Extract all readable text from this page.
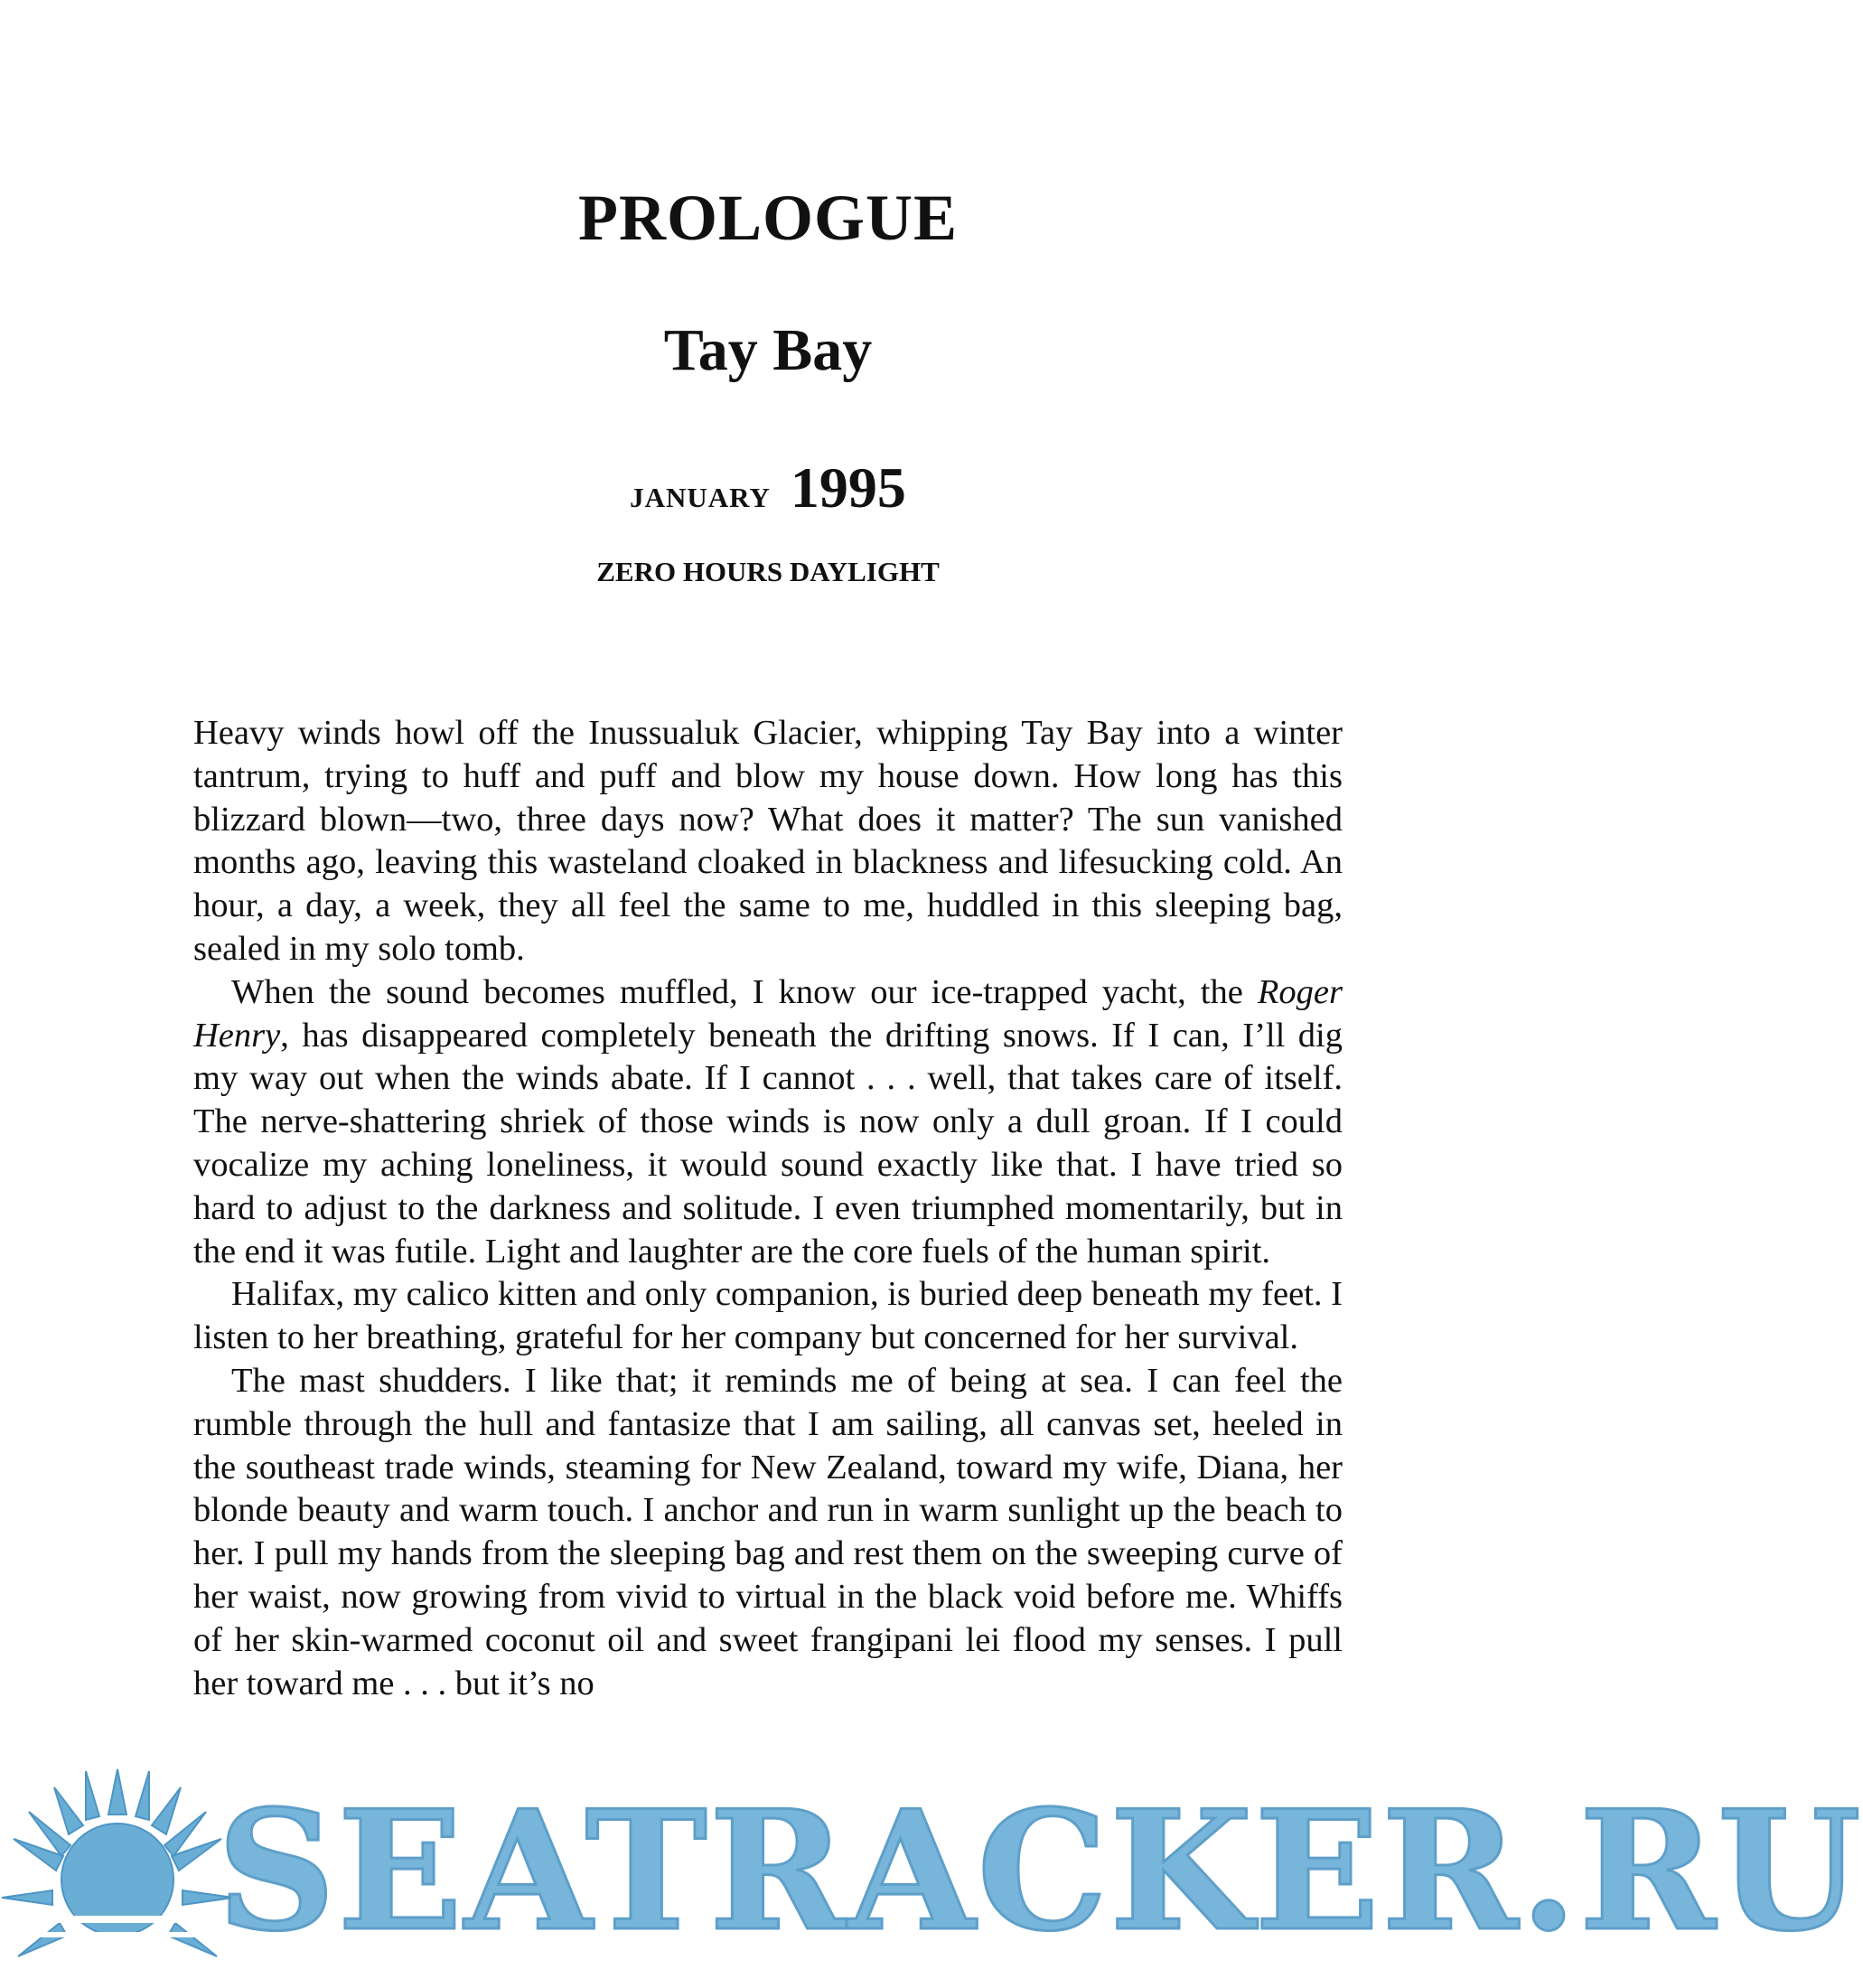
PROLOGUE
Tay Bay
JANUARY 1995
ZERO HOURS DAYLIGHT

Heavy winds howl off the Inussualuk Glacier, whipping Tay Bay into a winter tantrum, trying to huff and puff and blow my house down. How long has this blizzard blown—two, three days now? What does it matter? The sun vanished months ago, leaving this wasteland cloaked in blackness and lifesucking cold. An hour, a day, a week, they all feel the same to me, huddled in this sleeping bag, sealed in my solo tomb.

When the sound becomes muffled, I know our ice-trapped yacht, the Roger Henry, has disappeared completely beneath the drifting snows. If I can, I’ll dig my way out when the winds abate. If I cannot . . . well, that takes care of itself. The nerve-shattering shriek of those winds is now only a dull groan. If I could vocalize my aching loneliness, it would sound exactly like that. I have tried so hard to adjust to the darkness and solitude. I even triumphed momentarily, but in the end it was futile. Light and laughter are the core fuels of the human spirit.

Halifax, my calico kitten and only companion, is buried deep beneath my feet. I listen to her breathing, grateful for her company but concerned for her survival.

The mast shudders. I like that; it reminds me of being at sea. I can feel the rumble through the hull and fantasize that I am sailing, all canvas set, heeled in the southeast trade winds, steaming for New Zealand, toward my wife, Diana, her blonde beauty and warm touch. I anchor and run in warm sunlight up the beach to her. I pull my hands from the sleeping bag and rest them on the sweeping curve of her waist, now growing from vivid to virtual in the black void before me. Whiffs of her skin-warmed coconut oil and sweet frangipani lei flood my senses. I pull her toward me . . . but it’s no

SEATRACKER.RU
